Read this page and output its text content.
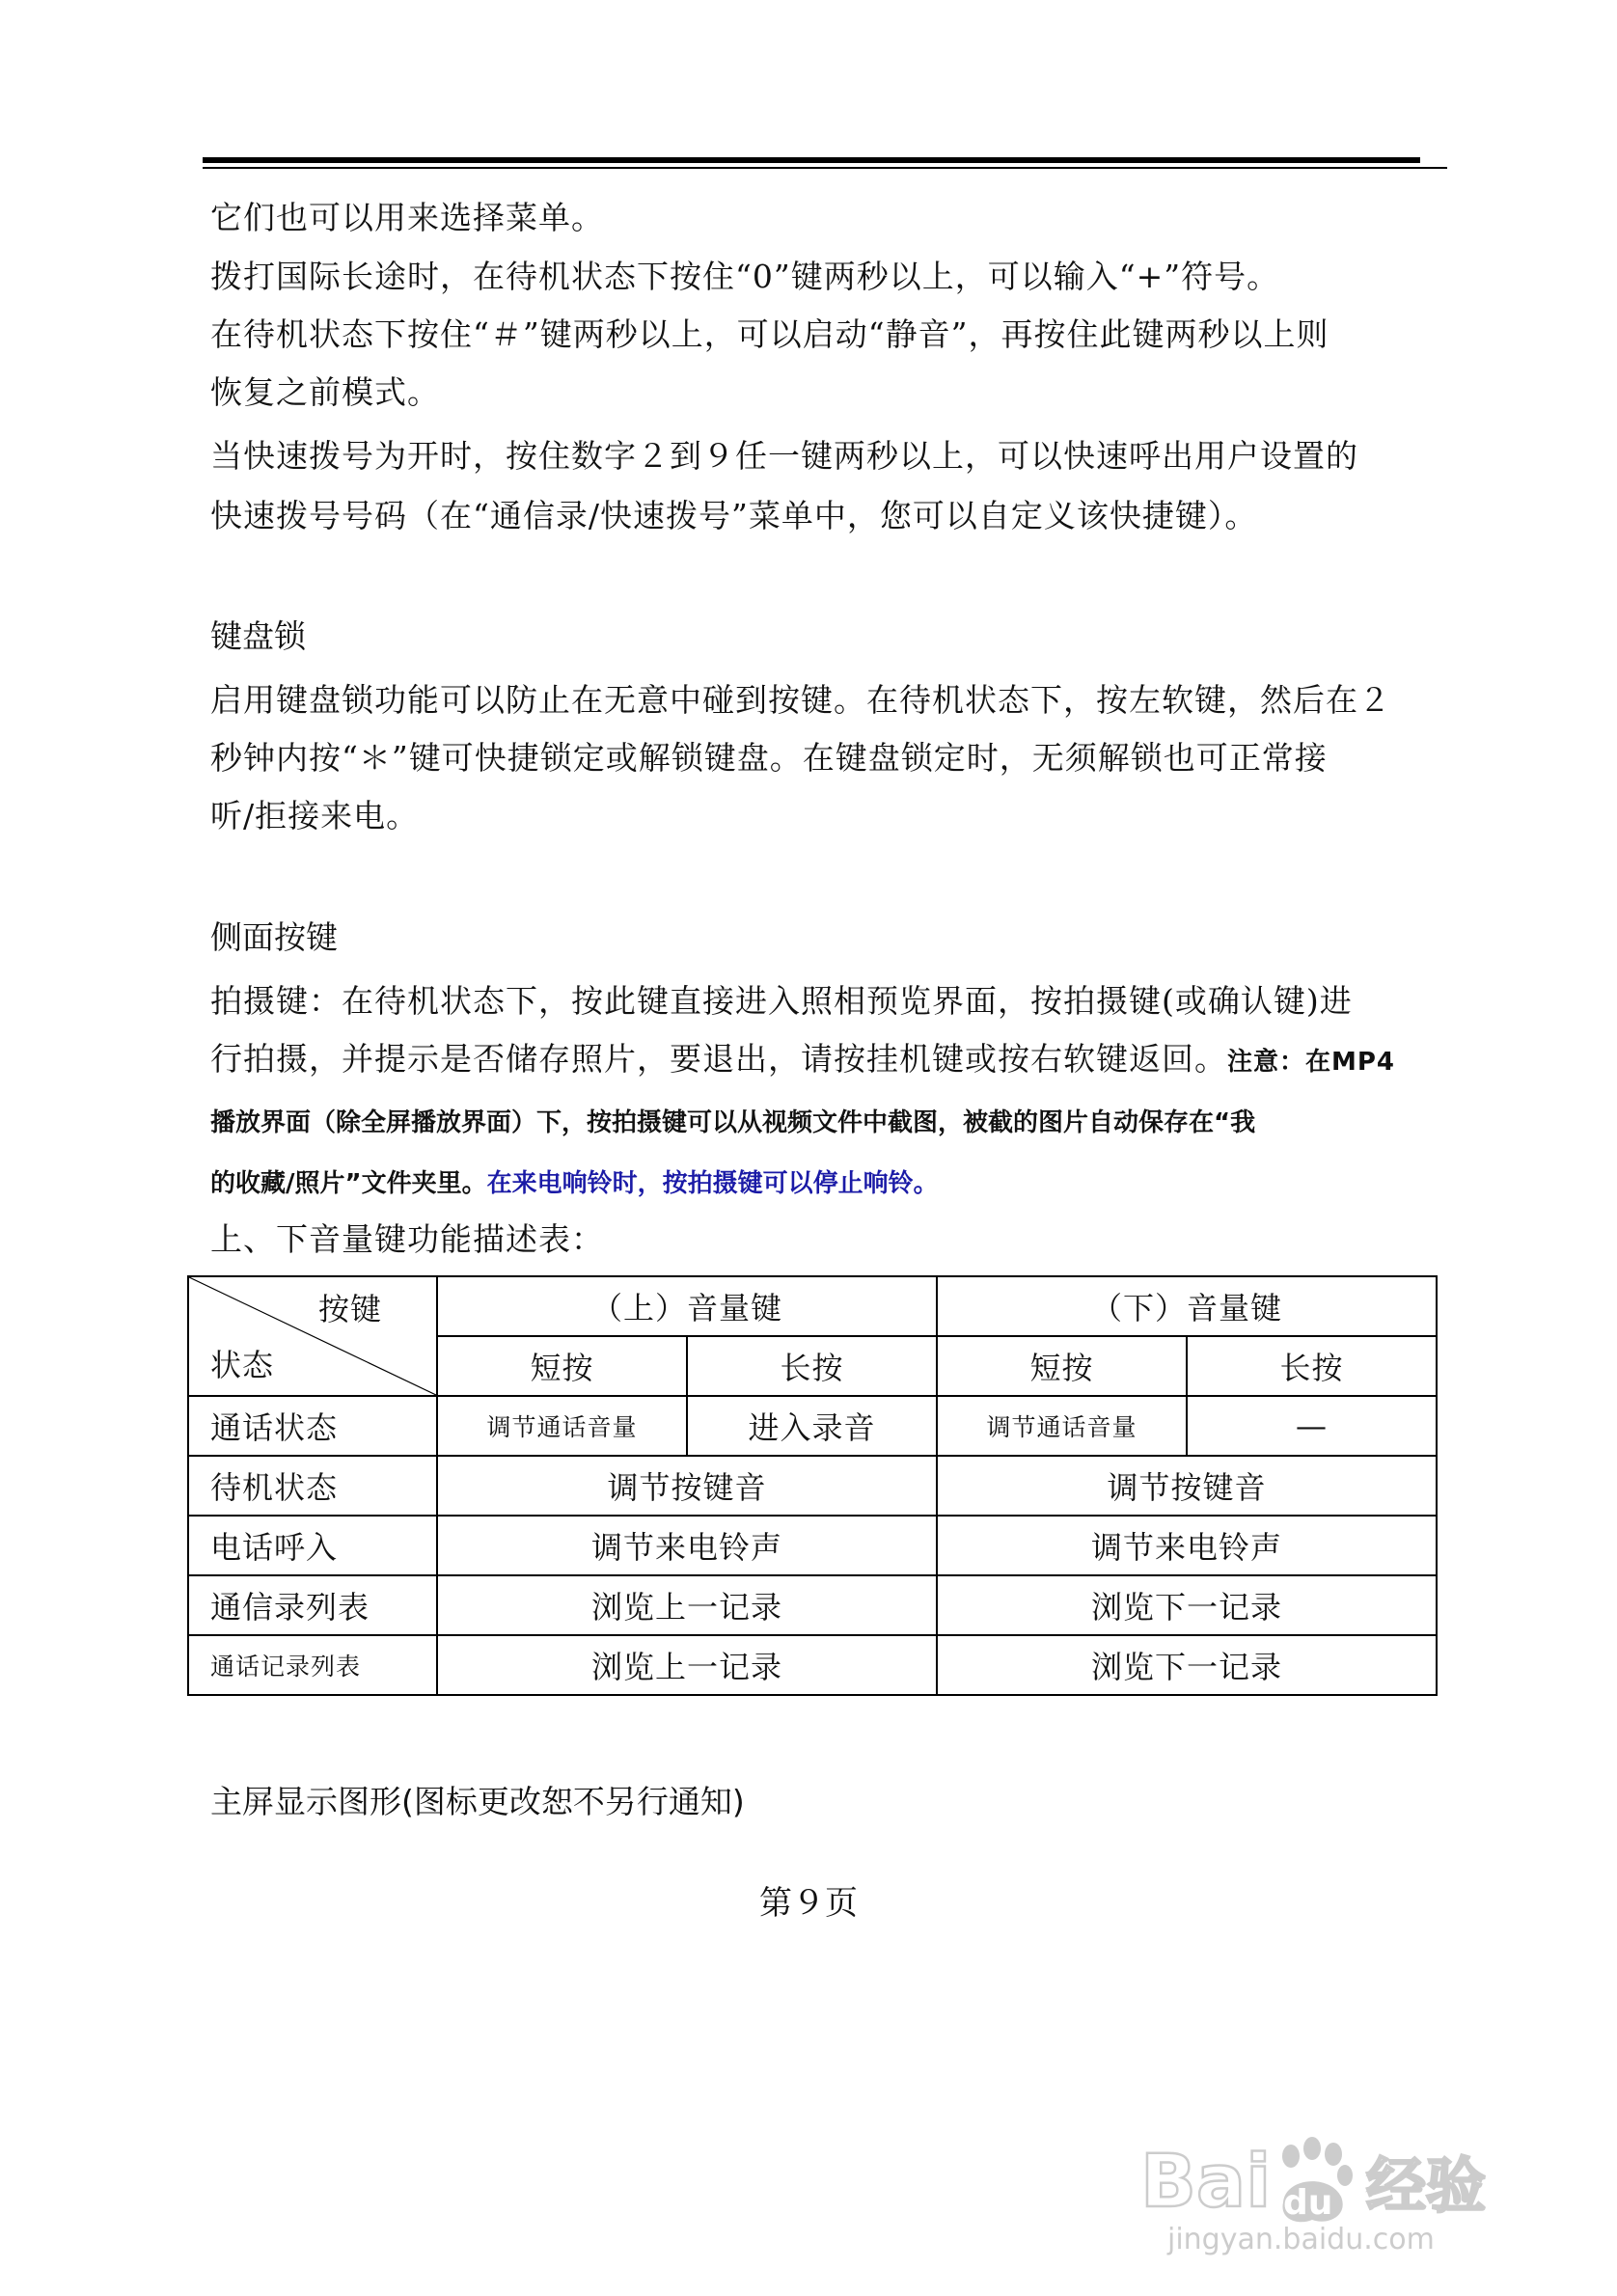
它们也可以用来选择菜单。
拨打国际长途时，在待机状态下按住“0”键两秒以上，可以输入“+”符号。
在待机状态下按住“＃”键两秒以上，可以启动“静音”，再按住此键两秒以上则
恢复之前模式。
当快速拨号为开时，按住数字２到９任一键两秒以上，可以快速呼出用户设置的
快速拨号号码（在“通信录/快速拨号”菜单中，您可以自定义该快捷键）。
键盘锁
启用键盘锁功能可以防止在无意中碰到按键。在待机状态下，按左软键，然后在２
秒钟内按“＊”键可快捷锁定或解锁键盘。在键盘锁定时，无须解锁也可正常接
听/拒接来电。
侧面按键
拍摄键：在待机状态下，按此键直接进入照相预览界面，按拍摄键(或确认键)进
行拍摄，并提示是否储存照片，要退出，请按挂机键或按右软键返回。注意：在MP4
播放界面（除全屏播放界面）下，按拍摄键可以从视频文件中截图，被截的图片自动保存在“我
的收藏/照片”文件夹里。在来电响铃时，按拍摄键可以停止响铃。
上、下音量键功能描述表：
按键
状态	（上）音量键		（下）音量键	
	短按	长按	短按	长按
通话状态	调节通话音量	进入录音	调节通话音量	—
待机状态	调节按键音		调节按键音	
电话呼入	调节来电铃声		调节来电铃声	
通信录列表	浏览上一记录		浏览下一记录	
通话记录列表	浏览上一记录		浏览下一记录	
主屏显示图形(图标更改恕不另行通知)
第９页
Bai du 经验
jingyan.baidu.com
